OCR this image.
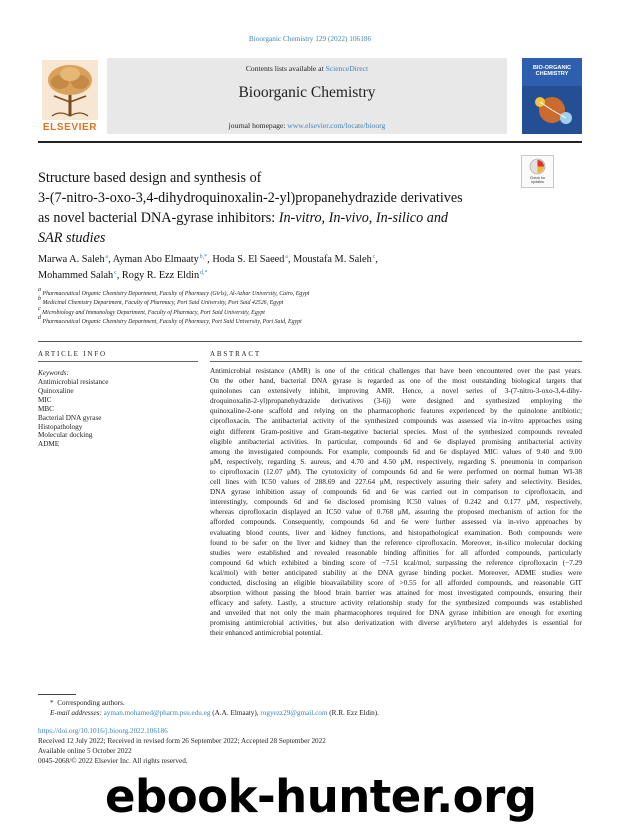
Bioorganic Chemistry 129 (2022) 106186
Contents lists available at ScienceDirect
Bioorganic Chemistry
journal homepage: www.elsevier.com/locate/bioorg
ELSEVIER
BIO-ORGANIC CHEMISTRY
Check for updates
Structure based design and synthesis of
3-(7-nitro-3-oxo-3,4-dihydroquinoxalin-2-yl)propanehydrazide derivatives
as novel bacterial DNA-gyrase inhibitors: In-vitro, In-vivo, In-silico and
SAR studies
Marwa A. Saleh $^a$, Ayman Abo Elmaaty $^{b,*}$, Hoda S. El Saeed $^a$, Moustafa M. Saleh $^c$,
Mohammed Salah $^c$, Rogy R. Ezz Eldin $^{d,*}$
$^a$ Pharmaceutical Organic Chemistry Department, Faculty of Pharmacy (Girls), Al-Azhar University, Cairo, Egypt
$^b$ Medicinal Chemistry Department, Faculty of Pharmacy, Port Said University, Port Said 42526, Egypt
$^c$ Microbiology and Immunology Department, Faculty of Pharmacy, Port Said University, Egypt
$^d$ Pharmaceutical Organic Chemistry Department, Faculty of Pharmacy, Port Said University, Port Said, Egypt
ARTICLE INFO
Keywords:
Antimicrobial resistance
Quinoxaline
MIC
MBC
Bacterial DNA gyrase
Histopathology
Molecular docking
ADME
ABSTRACT
Antimicrobial resistance (AMR) is one of the critical challenges that have been encountered over the past years.
On the other hand, bacterial DNA gyrase is regarded as one of the most outstanding biological targets that
quinolones can extensively inhibit, improving AMR. Hence, a novel series of 3-(7-nitro-3-oxo-3,4-dihy-
droquinoxalin-2-yl)propanehydrazide derivatives (3-6j) were designed and synthesized employing the
quinoxaline-2-one scaffold and relying on the pharmacophoric features experienced by the quinolone antibiotic;
ciprofloxacin. The antibacterial activity of the synthesized compounds was assessed via in-vitro approaches using
eight different Gram-positive and Gram-negative bacterial species. Most of the synthesized compounds revealed
eligible antibacterial activities. In particular, compounds 6d and 6e displayed promising antibacterial activity
among the investigated compounds. For example, compounds 6d and 6e displayed MIC values of 9.40 and 9.00
μM, respectively, regarding S. aureus, and 4.70 and 4.50 μM, respectively, regarding S. pneumonia in comparison
to ciprofloxacin (12.07 μM). The cytotoxicity of compounds 6d and 6e were performed on normal human WI-38
cell lines with IC50 values of 288.69 and 227.64 μM, respectively assuring their safety and selectivity. Besides,
DNA gyrase inhibition assay of compounds 6d and 6e was carried out in comparison to ciprofloxacin, and
interestingly, compounds 6d and 6e disclosed promising IC50 values of 0.242 and 0.177 μM, respectively,
whereas ciprofloxacin displayed an IC50 value of 0.768 μM, assuring the proposed mechanism of action for the
afforded compounds. Consequently, compounds 6d and 6e were further assessed via in-vivo approaches by
evaluating blood counts, liver and kidney functions, and histopathological examination. Both compounds were
found to be safer on the liver and kidney than the reference ciprofloxacin. Moreover, in-silico molecular docking
studies were established and revealed reasonable binding affinities for all afforded compounds, particularly
compound 6d which exhibited a binding score of −7.51 kcal/mol, surpassing the reference ciprofloxacin (−7.29
kcal/mol) with better anticipated stability at the DNA gyrase binding pocket. Moreover, ADME studies were
conducted, disclosing an eligible bioavailability score of >0.55 for all afforded compounds, and reasonable GIT
absorption without passing the blood brain barrier was attained for most investigated compounds, ensuring their
efficacy and safety. Lastly, a structure activity relationship study for the synthesized compounds was established
and unveiled that not only the main pharmacophores required for DNA gyrase inhibition are enough for exerting
promising antimicrobial activities, but also derivatization with diverse aryl/hetero aryl aldehydes is essential for
their enhanced antimicrobial potential.
* Corresponding authors.
E-mail addresses: ayman.mohamed@pharm.psu.edu.eg (A.A. Elmaaty), rogyezz29@gmail.com (R.R. Ezz Eldin).
https://doi.org/10.1016/j.bioorg.2022.106186
Received 12 July 2022; Received in revised form 26 September 2022; Accepted 28 September 2022
Available online 5 October 2022
0045-2068/© 2022 Elsevier Inc. All rights reserved.
ebook-hunter.org
